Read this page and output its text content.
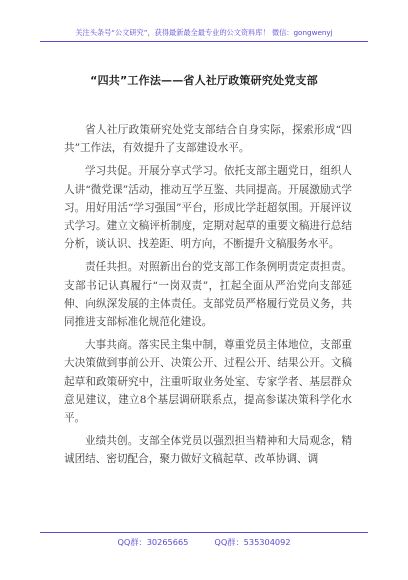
关注头条号“公文研究”，获得最新最全最专业的公文资料库！ 微信：gongwenyj
“四共”工作法——省人社厅政策研究处党支部

省人社厅政策研究处党支部结合自身实际，探索形成“四共”工作法，有效提升了支部建设水平。

学习共促。开展分享式学习。依托支部主题党日，组织人人讲“微党课”活动，推动互学互鉴、共同提高。开展激励式学习。用好用活“学习强国”平台，形成比学赶超氛围。开展评议式学习。建立文稿评析制度，定期对起草的重要文稿进行总结分析，谈认识、找差距、明方向，不断提升文稿服务水平。

责任共担。对照新出台的党支部工作条例明责定责担责。支部书记认真履行“一岗双责”，扛起全面从严治党向支部延伸、向纵深发展的主体责任。支部党员严格履行党员义务，共同推进支部标准化规范化建设。

大事共商。落实民主集中制，尊重党员主体地位，支部重大决策做到事前公开、决策公开、过程公开、结果公开。文稿起草和政策研究中，注重听取业务处室、专家学者、基层群众意见建议，建立8个基层调研联系点，提高参谋决策科学化水平。

业绩共创。支部全体党员以强烈担当精神和大局观念，精诚团结、密切配合，聚力做好文稿起草、改革协调、调

QQ群：30265665	QQ群：535304092
